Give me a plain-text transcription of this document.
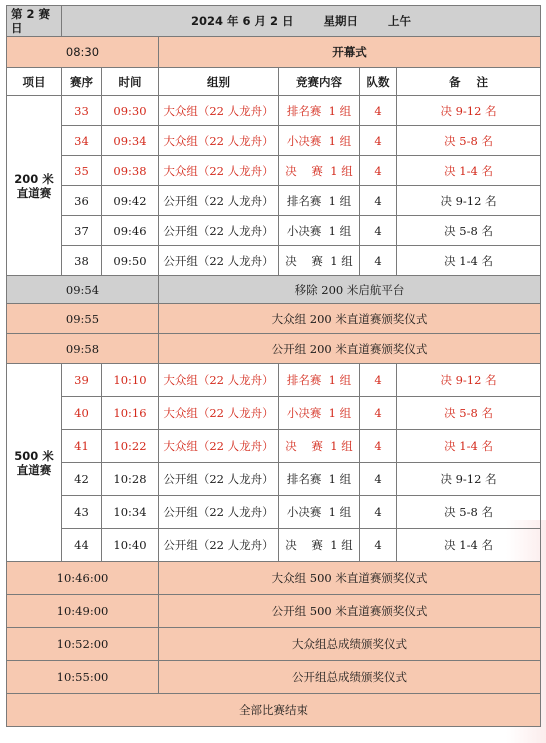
第 2 赛日	2024 年 6 月 2 日 星期日 上午					
08:30			开幕式			
项目	赛序	时间	组别	竞赛内容	队数	备    注

200 米
直道赛	33	09:30	大众组（22 人龙舟）	排名赛  1 组	4	决 9-12 名
	34	09:34	大众组（22 人龙舟）	小决赛  1 组	4	决 5-8 名
	35	09:38	大众组（22 人龙舟）	决    赛  1 组	4	决 1-4 名
	36	09:42	公开组（22 人龙舟）	排名赛  1 组	4	决 9-12 名
	37	09:46	公开组（22 人龙舟）	小决赛  1 组	4	决 5-8 名
	38	09:50	公开组（22 人龙舟）	决    赛  1 组	4	决 1-4 名
09:54			移除 200 米启航平台			
09:55			大众组 200 米直道赛颁奖仪式			
09:58			公开组 200 米直道赛颁奖仪式			

500 米
直道赛	39	10:10	大众组（22 人龙舟）	排名赛  1 组	4	决 9-12 名
	40	10:16	大众组（22 人龙舟）	小决赛  1 组	4	决 5-8 名
	41	10:22	大众组（22 人龙舟）	决    赛  1 组	4	决 1-4 名
	42	10:28	公开组（22 人龙舟）	排名赛  1 组	4	决 9-12 名
	43	10:34	公开组（22 人龙舟）	小决赛  1 组	4	决 5-8 名
	44	10:40	公开组（22 人龙舟）	决    赛  1 组	4	决 1-4 名
10:46:00			大众组 500 米直道赛颁奖仪式			
10:49:00			公开组 500 米直道赛颁奖仪式			
10:52:00			大众组总成绩颁奖仪式			
10:55:00			公开组总成绩颁奖仪式			
全部比赛结束						
